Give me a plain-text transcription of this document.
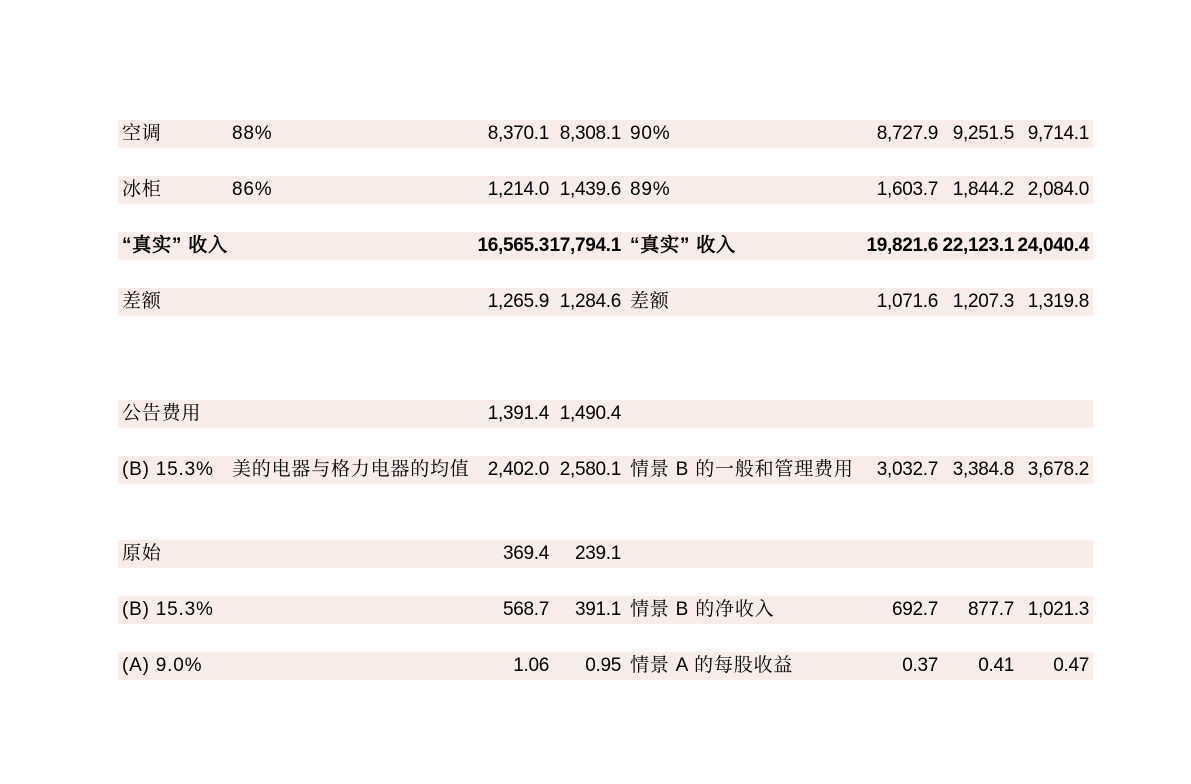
空调	88%	8,370.1 8,308.1 90%	8,727.9 9,251.5 9,714.1
冰柜	86%	1,214.0 1,439.6 89%	1,603.7 1,844.2 2,084.0
“真实” 收入	16,565.3 17,794.1 “真实” 收入	19,821.6 22,123.1 24,040.4
差额	1,265.9 1,284.6 差额	1,071.6 1,207.3 1,319.8
公告费用	1,391.4 1,490.4
(B) 15.3% 美的电器与格力电器的均值 2,402.0 2,580.1 情景 B 的一般和管理费用 3,032.7 3,384.8 3,678.2
原始	369.4 239.1
(B) 15.3%	568.7 391.1 情景 B 的净收入	692.7 877.7 1,021.3
(A) 9.0%	1.06 0.95 情景 A 的每股收益	0.37 0.41 0.47
